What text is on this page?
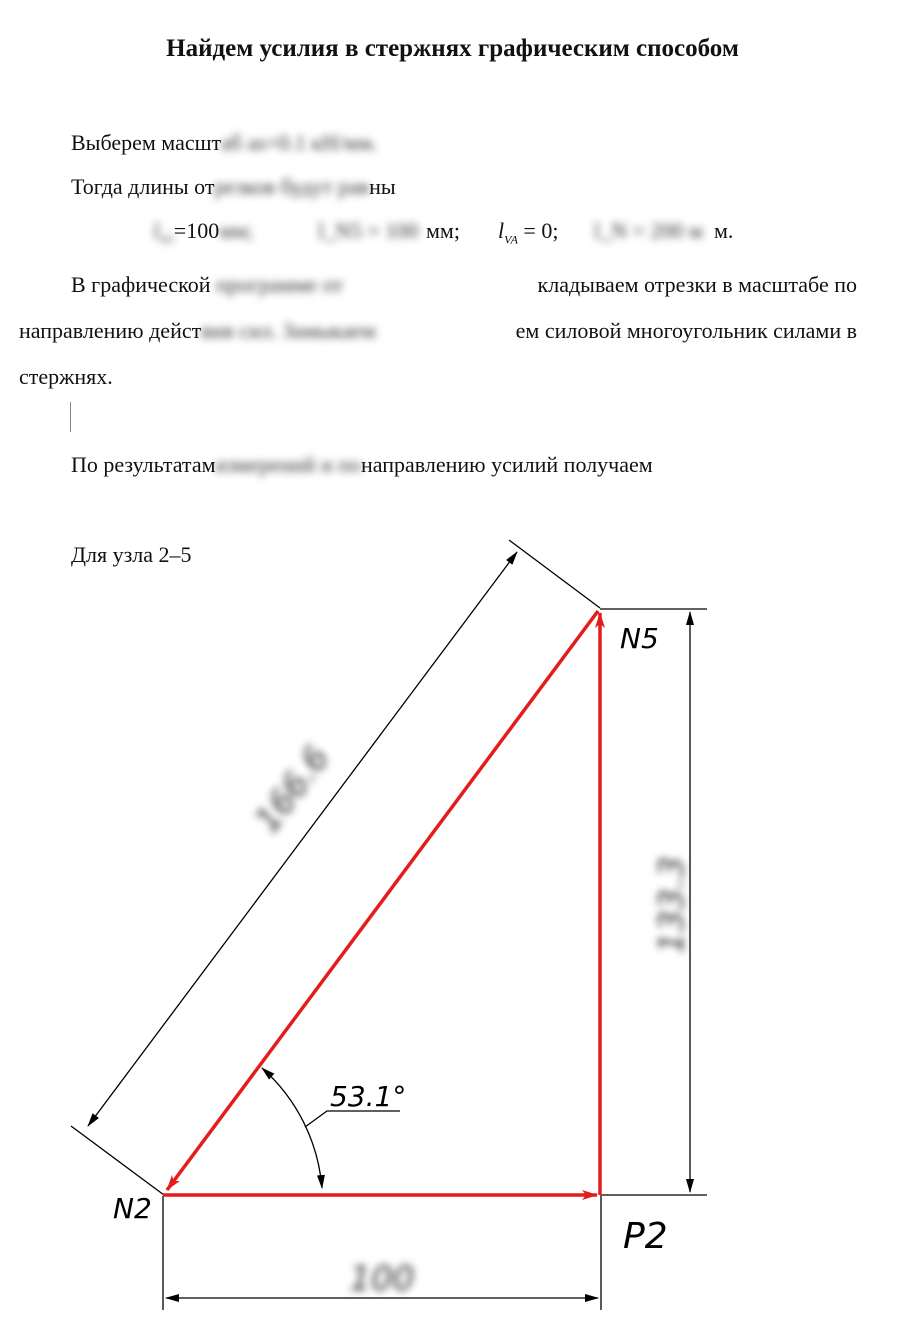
Найдем усилия в стержнях графическим способом
Выберем масштаб as=0.1 кН/мм.
Тогда длины отрезков будут равны
$l_{N2}=100мм$;	l_N5 = 100 мм; $l_{VA} = 0$; l_N = 200 м м.
В графической программе от	кладываем отрезки в масштабе по
направлению действия сил. Замыкаем	ем силовой многоугольник силами в
стержнях.
По результатамизмерений и понаправлению усилий получаем
Для узла 2–5
166.6
133.3
100
53.1°
N5
N2
P2
